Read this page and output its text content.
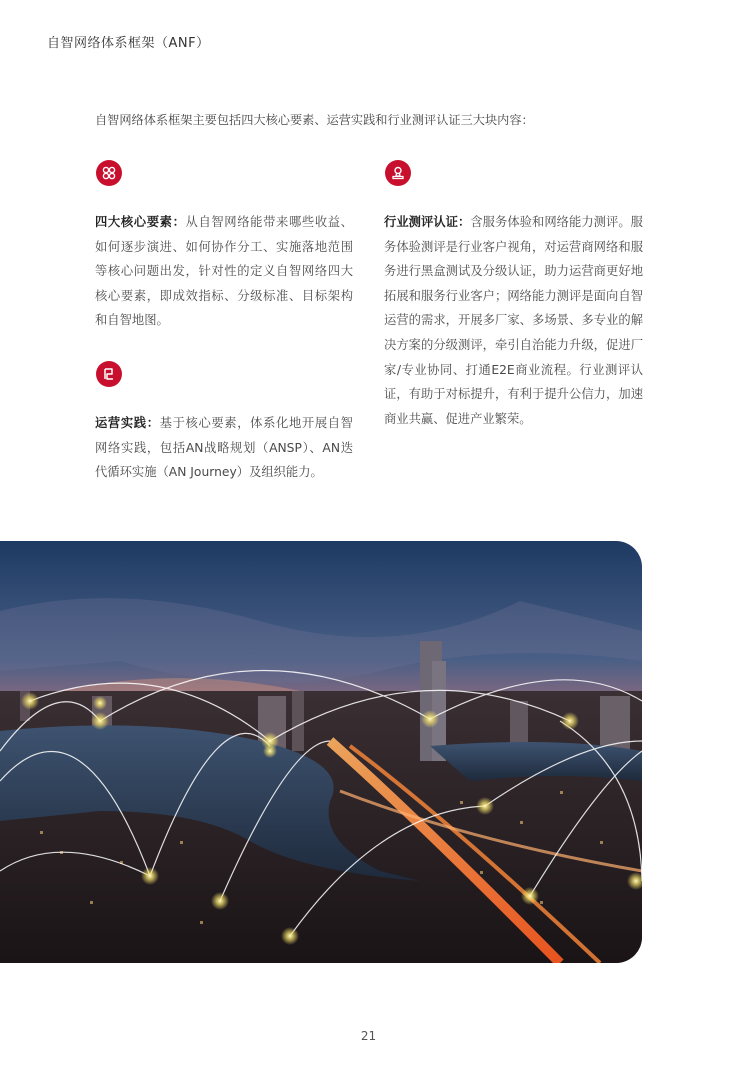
自智网络体系框架（ANF）
自智网络体系框架主要包括四大核心要素、运营实践和行业测评认证三大块内容：
四大核心要素：从自智网络能带来哪些收益、如何逐步演进、如何协作分工、实施落地范围等核心问题出发，针对性的定义自智网络四大核心要素，即成效指标、分级标准、目标架构和自智地图。
运营实践：基于核心要素，体系化地开展自智网络实践，包括AN战略规划（ANSP）、AN迭代循环实施（AN Journey）及组织能力。
行业测评认证：含服务体验和网络能力测评。服务体验测评是行业客户视角，对运营商网络和服务进行黑盒测试及分级认证，助力运营商更好地拓展和服务行业客户；网络能力测评是面向自智运营的需求，开展多厂家、多场景、多专业的解决方案的分级测评，牵引自治能力升级，促进厂家/专业协同、打通E2E商业流程。行业测评认证，有助于对标提升，有利于提升公信力，加速商业共赢、促进产业繁荣。
21
